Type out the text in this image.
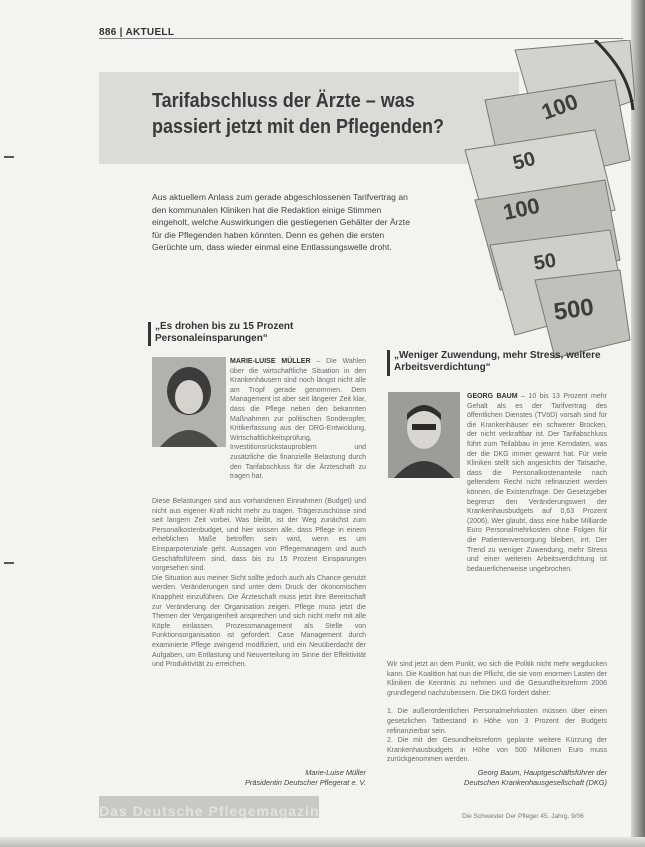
886 | AKTUELL
Tarifabschluss der Ärzte – was passiert jetzt mit den Pflegenden?
100
50
100
50
500

Aus aktuellem Anlass zum gerade abgeschlossenen Tarifvertrag an den kommunalen Kliniken hat die Redaktion einige Stimmen eingeholt, welche Auswirkungen die gestiegenen Gehälter der Ärzte für die Pflegenden haben könnten. Denn es gehen die ersten Gerüchte um, dass wieder einmal eine Entlassungswelle droht.

„Es drohen bis zu 15 Prozent Personaleinsparungen“
MARIE-LUISE MÜLLER – Die Wahlen über die wirtschaftliche Situation in den Krankenhäusern sind noch längst nicht alle am Tropf gerade genommen. Dem Management ist aber seit längerer Zeit klar, dass die Pflege neben den bekannten Maßnahmen zur politischen Sonderopfer, Kritikerfassung aus der DRG-Entwicklung, Wirtschaftlichkeitsprüfung, Investitionsrückstauproblem und zusätzliche die finanzielle Belastung durch den Tarifabschluss für die Ärzteschaft zu tragen hat.

Diese Belastungen sind aus vorhandenen Einnahmen (Budget) und nicht aus eigener Kraft nicht mehr zu tragen. Trägerzuschüsse sind seit langem Zeit vorbei. Was bleibt, ist der Weg zunächst zum Personalkostenbudget, und hier wissen alle, dass Pflege in einem erheblichen Maße betroffen sein wird, wenn es um Einsparpotenziale geht. Aussagen von Pflegemanagern und auch Geschäftsführern sind, dass bis zu 15 Prozent Einsparungen vorgesehen sind.

Die Situation aus meiner Sicht sollte jedoch auch als Chance genutzt werden. Veränderungen sind unter dem Druck der ökonomischen Knappheit einzuführen. Die Ärzteschaft muss jetzt ihre Bereitschaft zur Veränderung der Organisation zeigen. Pflege muss jetzt die Themen der Vergangenheit ansprechen und sich nicht mehr mit alle Köpfe einlassen. Prozessmanagement als Stelle von Funktionsorganisation ist gefordert. Case Management durch examinierte Pflege zwingend modifiziert, und ein Neuüberdacht der Aufgaben, um Entlastung und Neuverteilung im Sinne der Effektivität und Produktivität zu erreichen.

Marie-Luise Müller
Präsidentin Deutscher Pflegerat e. V.
„Weniger Zuwendung, mehr Stress, weitere Arbeitsverdichtung“
GEORG BAUM – 10 bis 13 Prozent mehr Gehalt als es der Tarifvertrag des öffentlichen Dienstes (TVöD) vorsah sind für die Krankenhäuser ein schwerer Brocken, der nicht verkraftbar ist. Der Tarifabschluss führt zum Teilabbau in jene Kerndaten, was der die DKG immer gewarnt hat. Für viele Kliniken stellt sich angesichts der Tatsache, dass die Personalkostenanteile nach geltendem Recht nicht refinanziert werden können, die Existenzfrage. Der Gesetzgeber begrenzt den Veränderungswert der Krankenhausbudgets auf 0,63 Prozent (2006). Wer glaubt, dass eine halbe Milliarde Euro Personalmehrkosten ohne Folgen für die Patientenversorgung bleiben, irrt. Der Trend zu weniger Zuwendung, mehr Stress und einer weiteren Arbeitsverdichtung ist bedauerlicherweise ungebrochen.

Wir sind jetzt an dem Punkt, wo sich die Politik nicht mehr wegducken kann. Die Koalition hat nun die Pflicht, die sie vom enormen Lasten der Kliniken die Kenntnis zu nehmen und die Gesundheitsreform 2006 grundlegend nachzubessern. Die DKG fordert daher:

1. Die außerordentlichen Personalmehrkosten müssen über einen gesetzlichen Tatbestand in Höhe von 3 Prozent der Budgets refinanzierbar sein.

2. Die mit der Gesundheitsreform geplante weitere Kürzung der Krankenhausbudgets in Höhe von 500 Millionen Euro muss zurückgenommen werden.

Georg Baum, Hauptgeschäftsführer der
Deutschen Krankenhausgesellschaft (DKG)
Das Deutsche Pflegemagazin	Die Schwester Der Pfleger 45. Jahrg. 9/06
